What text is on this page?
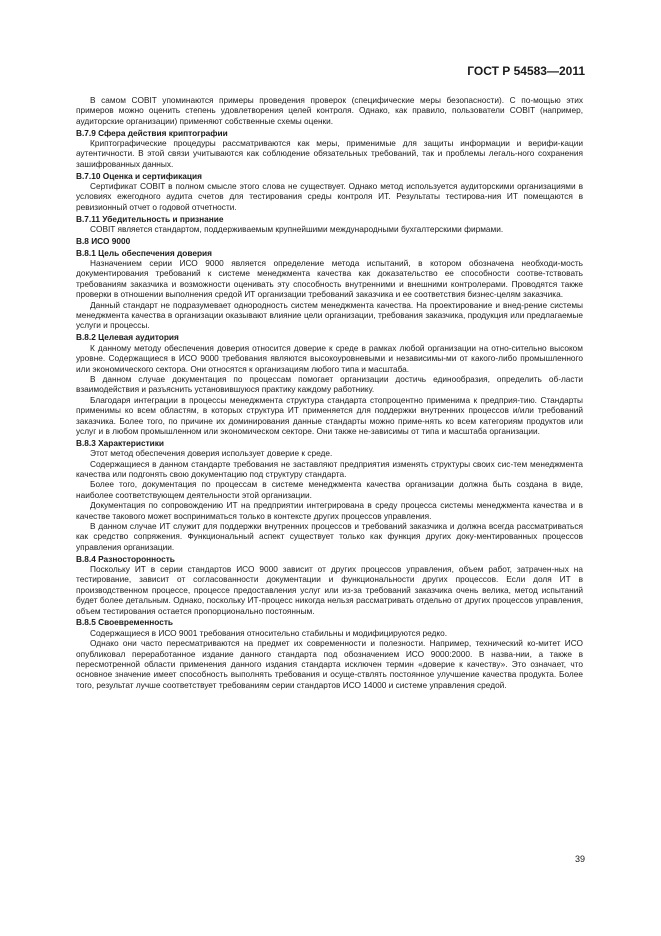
ГОСТ Р 54583—2011

В самом COBIT упоминаются примеры проведения проверок (специфические меры безопасности). С по-мощью этих примеров можно оценить степень удовлетворения целей контроля. Однако, как правило, пользователи COBIT (например, аудиторские организации) применяют собственные схемы оценки.

B.7.9 Сфера действия криптографии

Криптографические процедуры рассматриваются как меры, применимые для защиты информации и верифи-кации аутентичности. В этой связи учитываются как соблюдение обязательных требований, так и проблемы легаль-ного сохранения зашифрованных данных.

B.7.10 Оценка и сертификация

Сертификат COBIT в полном смысле этого слова не существует. Однако метод используется аудиторскими организациями в условиях ежегодного аудита счетов для тестирования среды контроля ИТ. Результаты тестирова-ния ИТ помещаются в ревизионный отчет о годовой отчетности.

B.7.11 Убедительность и признание

COBIT является стандартом, поддерживаемым крупнейшими международными бухгалтерскими фирмами.

B.8 ИСО 9000

B.8.1 Цель обеспечения доверия

Назначением серии ИСО 9000 является определение метода испытаний, в котором обозначена необходи-мость документирования требований к системе менеджмента качества как доказательство ее способности соотве-тствовать требованиям заказчика и возможности оценивать эту способность внутренними и внешними контролерами. Проводятся также проверки в отношении выполнения средой ИТ организации требований заказчика и ее соответствия бизнес-целям заказчика.

Данный стандарт не подразумевает однородность систем менеджмента качества. На проектирование и внед-рение системы менеджмента качества в организации оказывают влияние цели организации, требования заказчика, продукция или предлагаемые услуги и процессы.

B.8.2 Целевая аудитория

К данному методу обеспечения доверия относится доверие к среде в рамках любой организации на отно-сительно высоком уровне. Содержащиеся в ИСО 9000 требования являются высокоуровневыми и независимы-ми от какого-либо промышленного или экономического сектора. Они относятся к организациям любого типа и масштаба.

В данном случае документация по процессам помогает организации достичь единообразия, определить об-ласти взаимодействия и разъяснить установившуюся практику каждому работнику.

Благодаря интеграции в процессы менеджмента структура стандарта стопроцентно применима к предприя-тию. Стандарты применимы ко всем областям, в которых структура ИТ применяется для поддержки внутренних процессов и/или требований заказчика. Более того, по причине их доминирования данные стандарты можно приме-нять ко всем категориям продуктов или услуг и в любом промышленном или экономическом секторе. Они также не-зависимы от типа и масштаба организации.

B.8.3 Характеристики

Этот метод обеспечения доверия использует доверие к среде.

Содержащиеся в данном стандарте требования не заставляют предприятия изменять структуры своих сис-тем менеджмента качества или подгонять свою документацию под структуру стандарта.

Более того, документация по процессам в системе менеджмента качества организации должна быть создана в виде, наиболее соответствующем деятельности этой организации.

Документация по сопровождению ИТ на предприятии интегрирована в среду процесса системы менеджмента качества и в качестве такового может восприниматься только в контексте других процессов управления.

В данном случае ИТ служит для поддержки внутренних процессов и требований заказчика и должна всегда рассматриваться как средство сопряжения. Функциональный аспект существует только как функция других доку-ментированных процессов управления организации.

B.8.4 Разносторонность

Поскольку ИТ в серии стандартов ИСО 9000 зависит от других процессов управления, объем работ, затрачен-ных на тестирование, зависит от согласованности документации и функциональности других процессов. Если доля ИТ в производственном процессе, процессе предоставления услуг или из-за требований заказчика очень велика, метод испытаний будет более детальным. Однако, поскольку ИТ-процесс никогда нельзя рассматривать отдельно от других процессов управления, объем тестирования остается пропорционально постоянным.

B.8.5 Своевременность

Содержащиеся в ИСО 9001 требования относительно стабильны и модифицируются редко.

Однако они часто пересматриваются на предмет их современности и полезности. Например, технический ко-митет ИСО опубликовал переработанное издание данного стандарта под обозначением ИСО 9000:2000. В назва-нии, а также в пересмотренной области применения данного издания стандарта исключен термин «доверие к качеству». Это означает, что основное значение имеет способность выполнять требования и осуще-ствлять постоянное улучшение качества продукта. Более того, результат лучше соответствует требованиям серии стандартов ИСО 14000 и системе управления средой.

39
